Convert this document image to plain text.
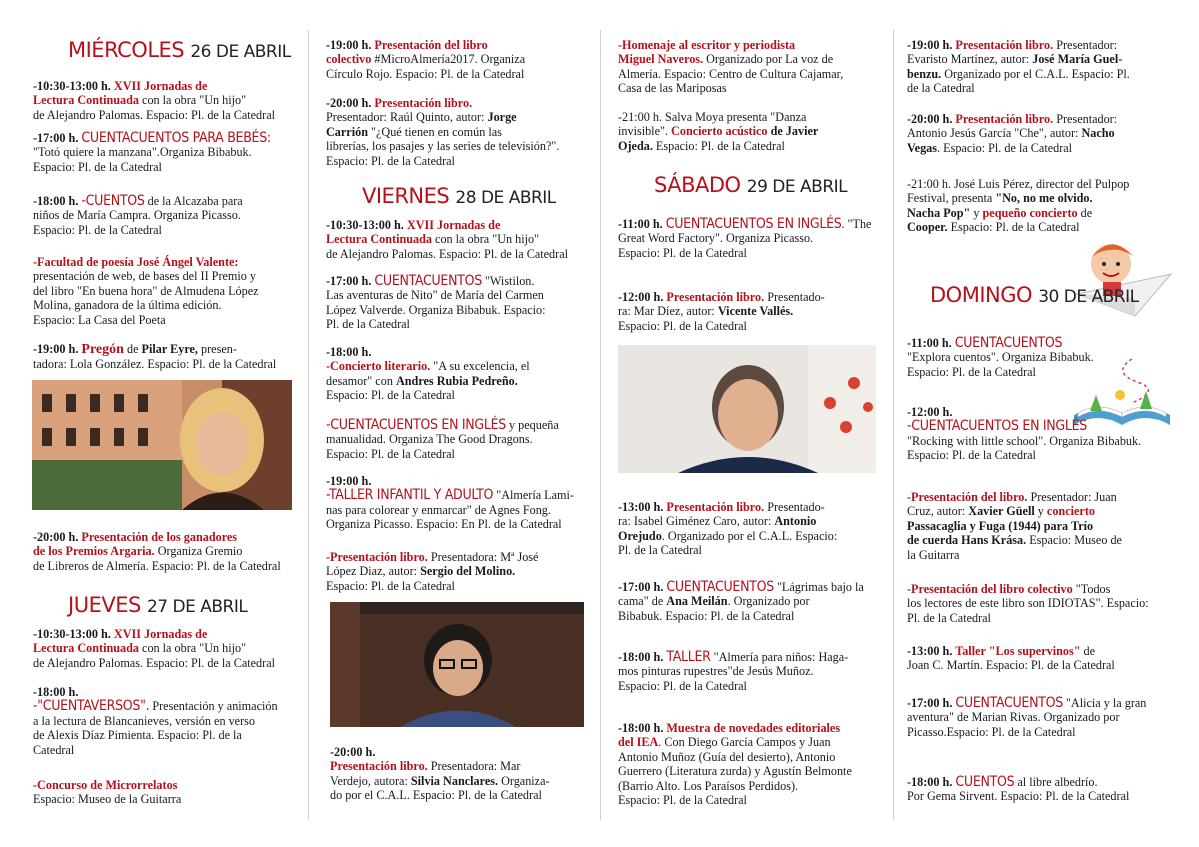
MIÉRCOLES 26 DE ABRIL
-10:30-13:00 h. XVII Jornadas de
Lectura Continuada con la obra "Un hijo"
de Alejandro Palomas. Espacio: Pl. de la Catedral
-17:00 h. CUENTACUENTOS PARA BEBÉS:
"Totó quiere la manzana".Organiza Bibabuk.
Espacio: Pl. de la Catedral
-18:00 h. -CUENTOS de la Alcazaba para
niños de María Campra. Organiza Picasso.
Espacio: Pl. de la Catedral
-Facultad de poesía José Ángel Valente:
presentación de web, de bases del II Premio y
del libro "En buena hora" de Almudena López
Molina, ganadora de la última edición.
Espacio: La Casa del Poeta
-19:00 h. Pregón de Pilar Eyre, presen-
tadora: Lola González. Espacio: Pl. de la Catedral
-20:00 h. Presentación de los ganadores
de los Premios Argaria. Organiza Gremio
de Libreros de Almería. Espacio: Pl. de la Catedral
JUEVES 27 DE ABRIL
-10:30-13:00 h. XVII Jornadas de
Lectura Continuada con la obra "Un hijo"
de Alejandro Palomas. Espacio: Pl. de la Catedral
-18:00 h.
-"CUENTAVERSOS". Presentación y animación
a la lectura de Blancanieves, versión en verso
de Alexis Díaz Pimienta. Espacio: Pl. de la
Catedral
-Concurso de Microrrelatos
Espacio: Museo de la Guitarra
-19:00 h. Presentación del libro
colectivo #MicroAlmería2017. Organiza
Círculo Rojo. Espacio: Pl. de la Catedral
-20:00 h. Presentación libro.
Presentador: Raúl Quinto, autor: Jorge
Carrión "¿Qué tienen en común las
librerías, los pasajes y las series de televisión?".
Espacio: Pl. de la Catedral
VIERNES 28 DE ABRIL
-10:30-13:00 h. XVII Jornadas de
Lectura Continuada con la obra "Un hijo"
de Alejandro Palomas. Espacio: Pl. de la Catedral
-17:00 h. CUENTACUENTOS "Wistilon.
Las aventuras de Nito" de María del Carmen
López Valverde. Organiza Bibabuk. Espacio:
Pl. de la Catedral
-18:00 h.
-Concierto literario. "A su excelencia, el
desamor" con Andres Rubia Pedreño.
Espacio: Pl. de la Catedral
-CUENTACUENTOS EN INGLÉS y pequeña
manualidad. Organiza The Good Dragons.
Espacio: Pl. de la Catedral
-19:00 h.
-TALLER INFANTIL Y ADULTO "Almería Lami-
nas para colorear y enmarcar" de Agnes Fong.
Organiza Picasso. Espacio: En Pl. de la Catedral
-Presentación libro. Presentadora: Mª José
López Diaz, autor: Sergio del Molino.
Espacio: Pl. de la Catedral
-20:00 h.
Presentación libro. Presentadora: Mar
Verdejo, autora: Silvia Nanclares. Organiza-
do por el C.A.L. Espacio: Pl. de la Catedral
-Homenaje al escritor y periodista
Miguel Naveros. Organizado por La voz de
Almería. Espacio: Centro de Cultura Cajamar,
Casa de las Mariposas
-21:00 h. Salva Moya presenta "Danza
invisible". Concierto acústico de Javier
Ojeda. Espacio: Pl. de la Catedral
SÁBADO 29 DE ABRIL
-11:00 h. CUENTACUENTOS EN INGLÉS. "The
Great Word Factory". Organiza Picasso.
Espacio: Pl. de la Catedral
-12:00 h. Presentación libro. Presentado-
ra: Mar Díez, autor: Vicente Vallés.
Espacio: Pl. de la Catedral
-13:00 h. Presentación libro. Presentado-
ra: Isabel Giménez Caro, autor: Antonio
Orejudo. Organizado por el C.A.L. Espacio:
Pl. de la Catedral
-17:00 h. CUENTACUENTOS "Lágrimas bajo la
cama" de Ana Meilán. Organizado por
Bibabuk. Espacio: Pl. de la Catedral
-18:00 h. TALLER "Almería para niños: Haga-
mos pinturas rupestres"de Jesús Muñoz.
Espacio: Pl. de la Catedral
-18:00 h. Muestra de novedades editoriales
del IEA. Con Diego García Campos y Juan
Antonio Muñoz (Guía del desierto), Antonio
Guerrero (Literatura zurda) y Agustín Belmonte
(Barrio Alto. Los Paraísos Perdidos).
Espacio: Pl. de la Catedral
-19:00 h. Presentación libro. Presentador:
Evaristo Martínez, autor: José María Guel-
benzu. Organizado por el C.A.L. Espacio: Pl.
de la Catedral
-20:00 h. Presentación libro. Presentador:
Antonio Jesús García "Che", autor: Nacho
Vegas. Espacio: Pl. de la Catedral
-21:00 h. José Luis Pérez, director del Pulpop
Festival, presenta "No, no me olvido.
Nacha Pop" y pequeño concierto de
Cooper. Espacio: Pl. de la Catedral
DOMINGO 30 DE ABRIL
-11:00 h. CUENTACUENTOS
"Explora cuentos". Organiza Bibabuk.
Espacio: Pl. de la Catedral
-12:00 h.
-CUENTACUENTOS EN INGLÉS
"Rocking with little school". Organiza Bibabuk.
Espacio: Pl. de la Catedral
-Presentación del libro. Presentador: Juan
Cruz, autor: Xavier Güell y concierto
Passacaglia y Fuga (1944) para Trío
de cuerda Hans Krása. Espacio: Museo de
la Guitarra
-Presentación del libro colectivo "Todos
los lectores de este libro son IDIOTAS". Espacio:
Pl. de la Catedral
-13:00 h. Taller "Los supervinos" de
Joan C. Martín. Espacio: Pl. de la Catedral
-17:00 h. CUENTACUENTOS "Alicia y la gran
aventura" de Marian Rivas. Organizado por
Picasso.Espacio: Pl. de la Catedral
-18:00 h. CUENTOS al libre albedrío.
Por Gema Sirvent. Espacio: Pl. de la Catedral
